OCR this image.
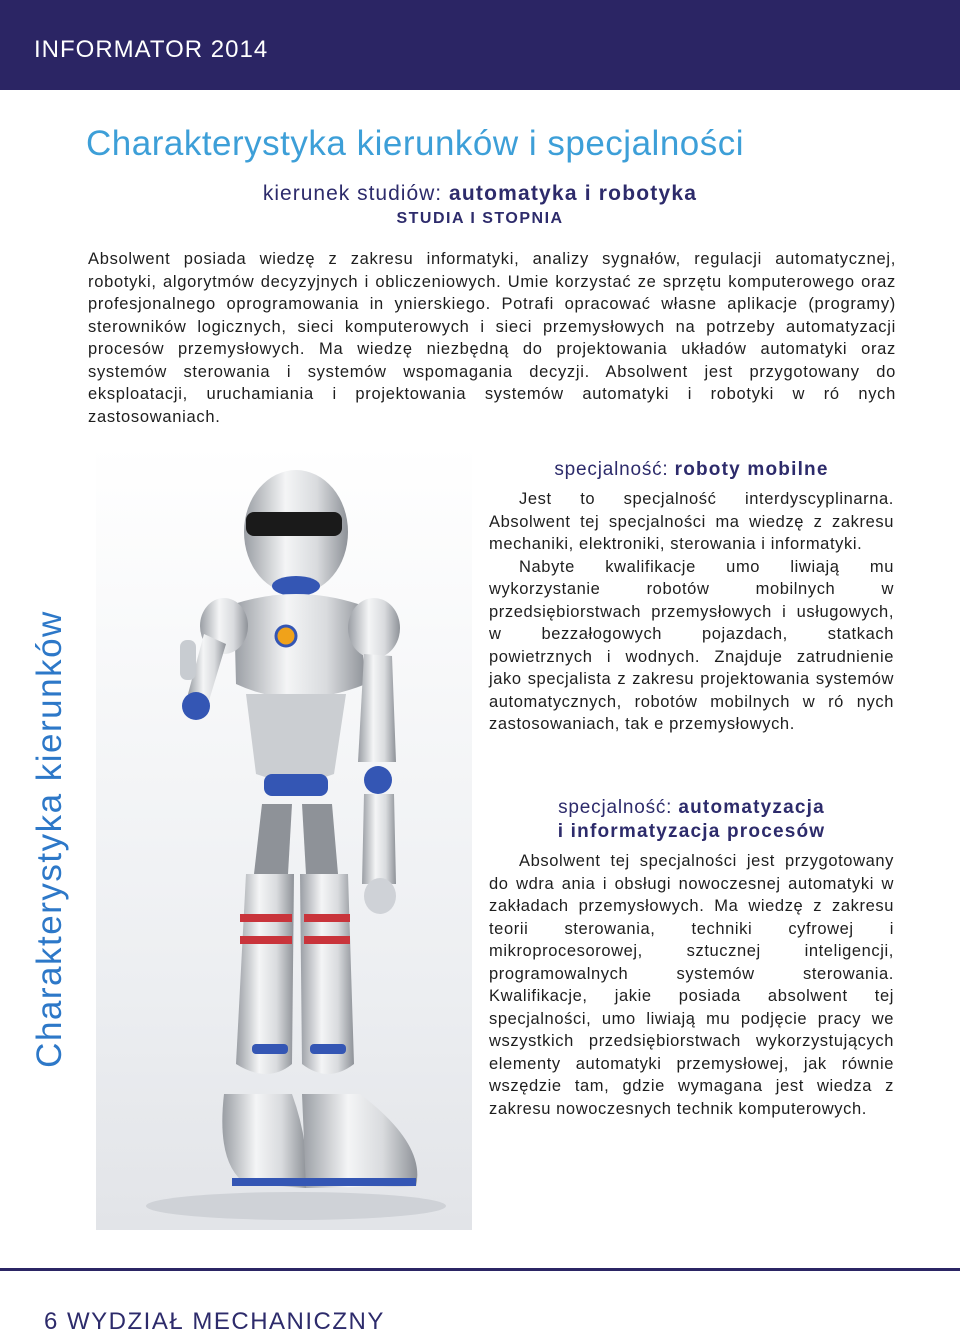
INFORMATOR 2014
Charakterystyka kierunków i specjalności
kierunek studiów: automatyka i robotyka
STUDIA I STOPNIA
Absolwent posiada wiedzę z zakresu informatyki, analizy sygnałów, regulacji automatycznej, robotyki, algorytmów decyzyjnych i obliczeniowych. Umie korzystać ze sprzętu komputerowego oraz profesjonalnego oprogramowania in ynierskiego. Potrafi opracować własne aplikacje (programy) sterowników logicznych, sieci komputerowych i sieci przemysłowych na potrzeby automatyzacji procesów przemysłowych. Ma wiedzę niezbędną do projektowania układów automatyki oraz systemów sterowania i systemów wspomagania decyzji. Absolwent jest przygotowany do eksploatacji, uruchamiania i projektowania systemów automatyki i robotyki w ró nych zastosowaniach.
Charakterystyka kierunków
specjalność: roboty mobilne

Jest to specjalność interdyscyplinarna. Absolwent tej specjalności ma wiedzę z zakresu mechaniki, elektroniki, sterowania i informatyki.

Nabyte kwalifikacje umo liwiają mu wykorzystanie robotów mobilnych w przedsiębiorstwach przemysłowych i usługowych, w bezzałogowych pojazdach, statkach powietrznych i wodnych. Znajduje zatrudnienie jako specjalista z zakresu projektowania systemów automatycznych, robotów mobilnych w ró nych zastosowaniach, tak e przemysłowych.

specjalność: automatyzacja
i informatyzacja procesów

Absolwent tej specjalności jest przygotowany do wdra ania i obsługi nowoczesnej automatyki w zakładach przemysłowych. Ma wiedzę z zakresu teorii sterowania, techniki cyfrowej i mikroprocesorowej, sztucznej inteligencji, programowalnych systemów sterowania. Kwalifikacje, jakie posiada absolwent tej specjalności, umo liwiają mu podjęcie pracy we wszystkich przedsiębiorstwach wykorzystujących elementy automatyki przemysłowej, jak równie wszędzie tam, gdzie wymagana jest wiedza z zakresu nowoczesnych technik komputerowych.

6 WYDZIAŁ MECHANICZNY
